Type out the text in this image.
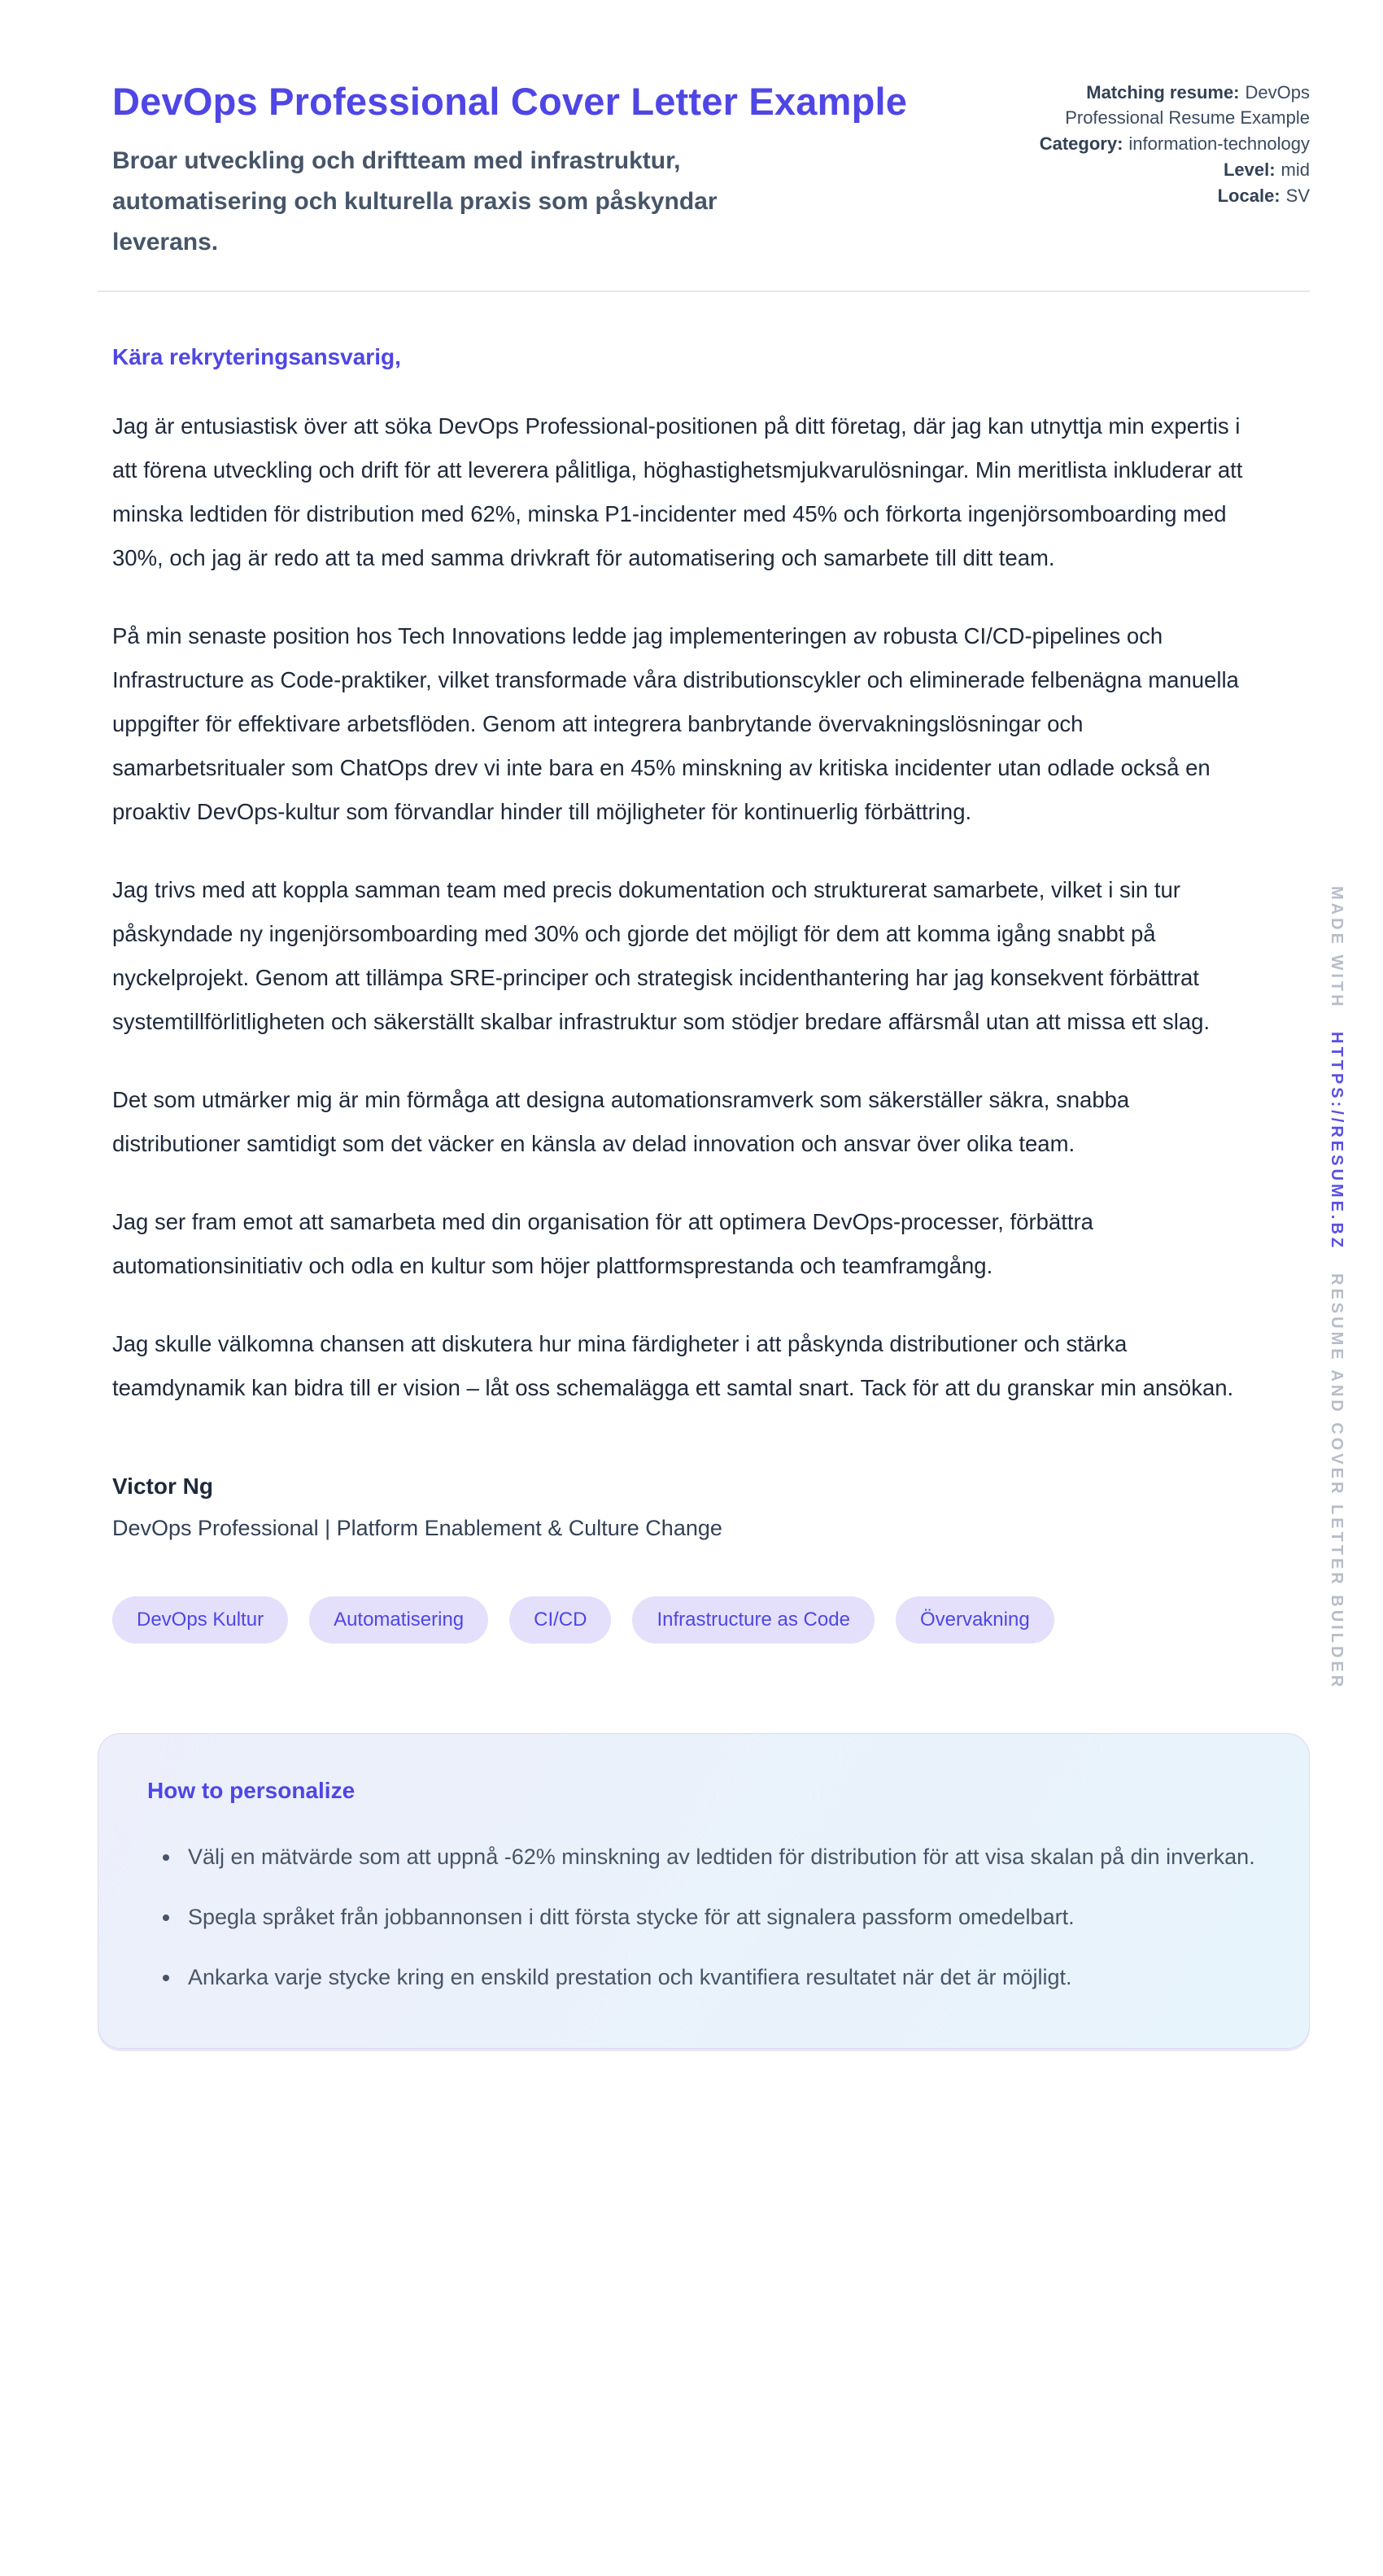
DevOps Professional Cover Letter Example
Broar utveckling och driftteam med infrastruktur, automatisering och kulturella praxis som påskyndar leverans.
Matching resume: DevOps Professional Resume Example
Category: information-technology
Level: mid
Locale: SV
Kära rekryteringsansvarig,

Jag är entusiastisk över att söka DevOps Professional-positionen på ditt företag, där jag kan utnyttja min expertis i att förena utveckling och drift för att leverera pålitliga, höghastighetsmjukvarulösningar. Min meritlista inkluderar att minska ledtiden för distribution med 62%, minska P1-incidenter med 45% och förkorta ingenjörsomboarding med 30%, och jag är redo att ta med samma drivkraft för automatisering och samarbete till ditt team.

På min senaste position hos Tech Innovations ledde jag implementeringen av robusta CI/CD-pipelines och Infrastructure as Code-praktiker, vilket transformade våra distributionscykler och eliminerade felbenägna manuella uppgifter för effektivare arbetsflöden. Genom att integrera banbrytande övervakningslösningar och samarbetsritualer som ChatOps drev vi inte bara en 45% minskning av kritiska incidenter utan odlade också en proaktiv DevOps-kultur som förvandlar hinder till möjligheter för kontinuerlig förbättring.

Jag trivs med att koppla samman team med precis dokumentation och strukturerat samarbete, vilket i sin tur påskyndade ny ingenjörsomboarding med 30% och gjorde det möjligt för dem att komma igång snabbt på nyckelprojekt. Genom att tillämpa SRE-principer och strategisk incidenthantering har jag konsekvent förbättrat systemtillförlitligheten och säkerställt skalbar infrastruktur som stödjer bredare affärsmål utan att missa ett slag.

Det som utmärker mig är min förmåga att designa automationsramverk som säkerställer säkra, snabba distributioner samtidigt som det väcker en känsla av delad innovation och ansvar över olika team.

Jag ser fram emot att samarbeta med din organisation för att optimera DevOps-processer, förbättra automationsinitiativ och odla en kultur som höjer plattformsprestanda och teamframgång.

Jag skulle välkomna chansen att diskutera hur mina färdigheter i att påskynda distributioner och stärka teamdynamik kan bidra till er vision – låt oss schemalägga ett samtal snart. Tack för att du granskar min ansökan.

Victor Ng
DevOps Professional | Platform Enablement & Culture Change
DevOps Kultur	Automatisering	CI/CD	Infrastructure as Code	Övervakning
How to personalize
• Välj en mätvärde som att uppnå -62% minskning av ledtiden för distribution för att visa skalan på din inverkan.
• Spegla språket från jobbannonsen i ditt första stycke för att signalera passform omedelbart.
• Ankarka varje stycke kring en enskild prestation och kvantifiera resultatet när det är möjligt.
MADE WITH HTTPS://RESUME.BZ RESUME AND COVER LETTER BUILDER
